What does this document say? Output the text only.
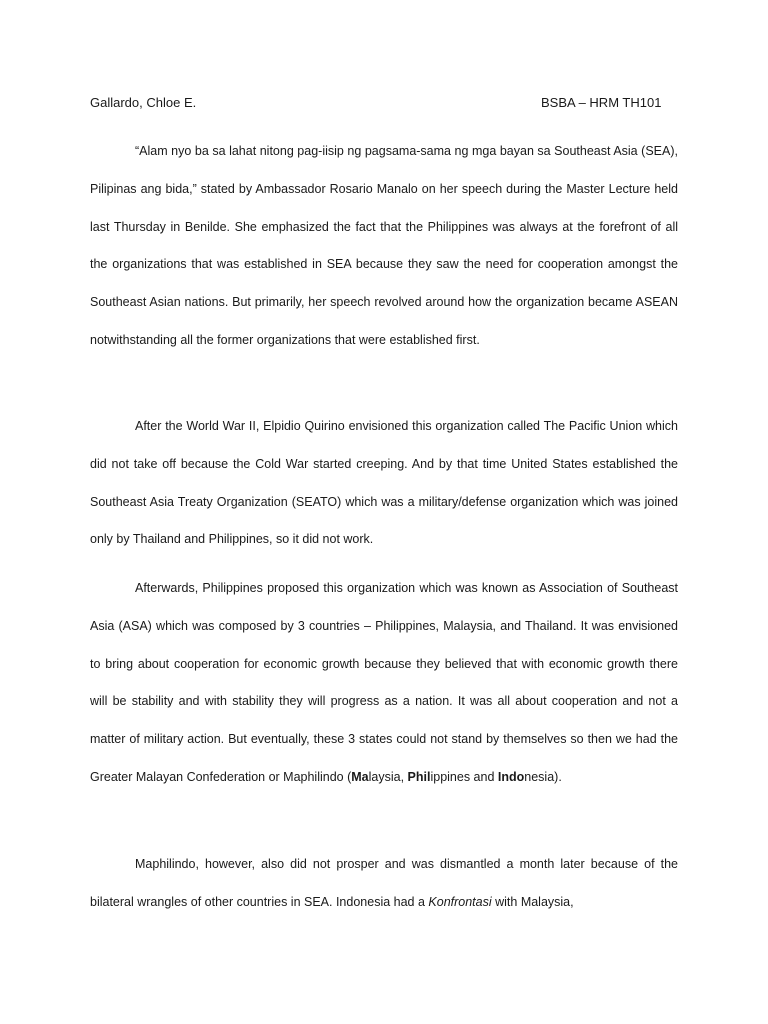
Gallardo, Chloe E.	BSBA – HRM TH101

“Alam nyo ba sa lahat nitong pag-iisip ng pagsama-sama ng mga bayan sa Southeast Asia (SEA), Pilipinas ang bida,” stated by Ambassador Rosario Manalo on her speech during the Master Lecture held last Thursday in Benilde. She emphasized the fact that the Philippines was always at the forefront of all the organizations that was established in SEA because they saw the need for cooperation amongst the Southeast Asian nations. But primarily, her speech revolved around how the organization became ASEAN notwithstanding all the former organizations that were established first.

After the World War II, Elpidio Quirino envisioned this organization called The Pacific Union which did not take off because the Cold War started creeping. And by that time United States established the Southeast Asia Treaty Organization (SEATO) which was a military/defense organization which was joined only by Thailand and Philippines, so it did not work.

Afterwards, Philippines proposed this organization which was known as Association of Southeast Asia (ASA) which was composed by 3 countries – Philippines, Malaysia, and Thailand. It was envisioned to bring about cooperation for economic growth because they believed that with economic growth there will be stability and with stability they will progress as a nation. It was all about cooperation and not a matter of military action. But eventually, these 3 states could not stand by themselves so then we had the Greater Malayan Confederation or Maphilindo (Malaysia, Philippines and Indonesia).

Maphilindo, however, also did not prosper and was dismantled a month later because of the bilateral wrangles of other countries in SEA. Indonesia had a Konfrontasi with Malaysia,
